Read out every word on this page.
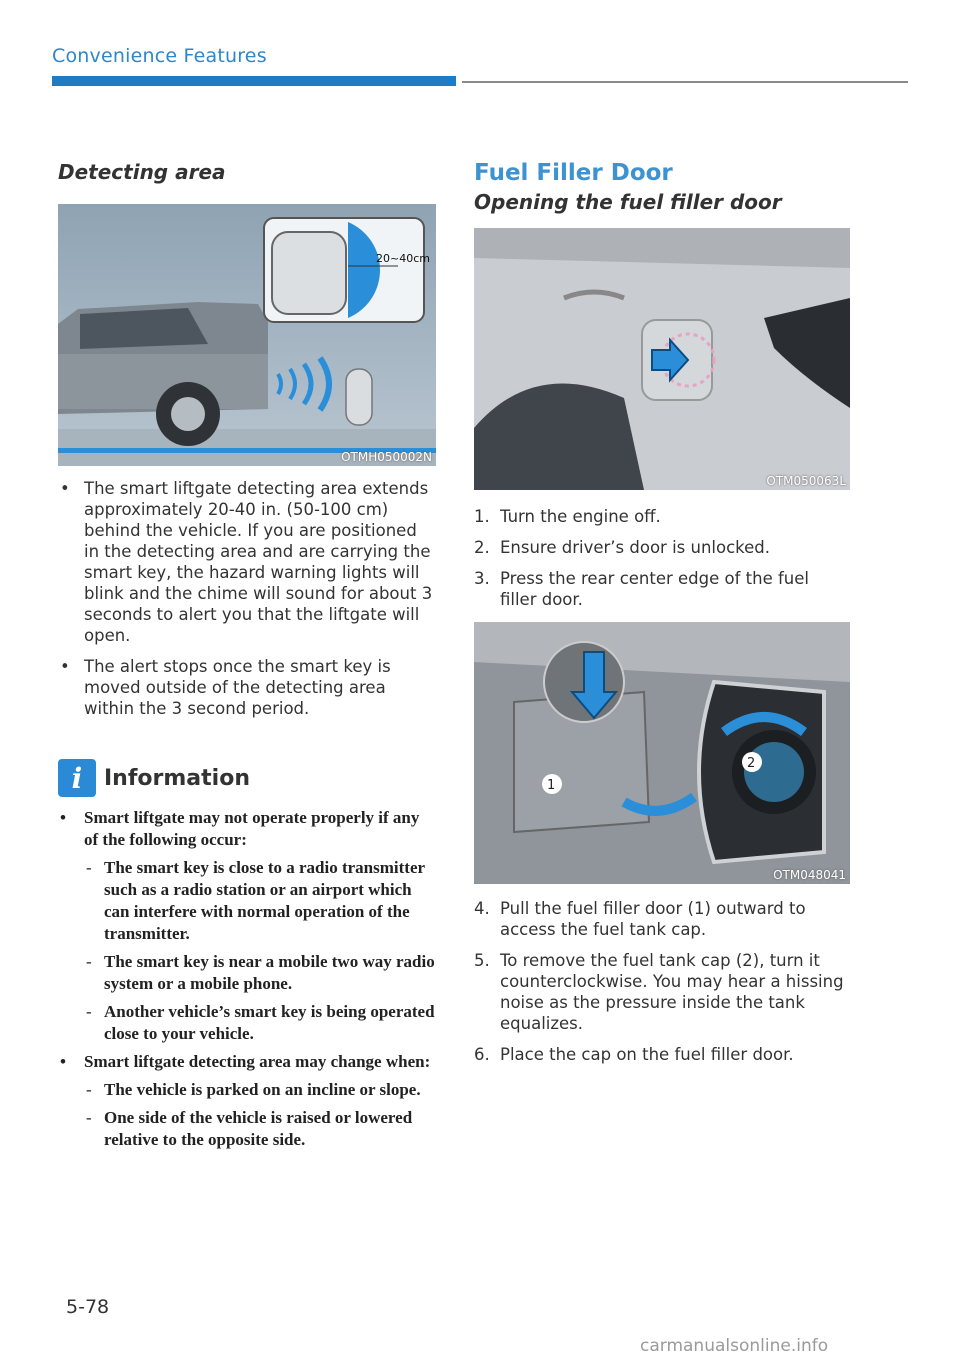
Convenience Features
Detecting area
20~40cm
OTMH050002N
• The smart liftgate detecting area extends approximately 20-40 in. (50-100 cm) behind the vehicle. If you are positioned in the detecting area and are carrying the smart key, the hazard warning lights will blink and the chime will sound for about 3 seconds to alert you that the liftgate will open.
• The alert stops once the smart key is moved outside of the detecting area within the 3 second period.
i Information
• Smart liftgate may not operate properly if any of the following occur:
- The smart key is close to a radio transmitter such as a radio station or an airport which can interfere with normal operation of the transmitter.
- The smart key is near a mobile two way radio system or a mobile phone.
- Another vehicle’s smart key is being operated close to your vehicle.
• Smart liftgate detecting area may change when:
- The vehicle is parked on an incline or slope.
- One side of the vehicle is raised or lowered relative to the opposite side.
Fuel Filler Door
Opening the fuel filler door
OTM050063L
1. Turn the engine off.
2. Ensure driver’s door is unlocked.
3. Press the rear center edge of the fuel filler door.
1
2
OTM048041
4. Pull the fuel filler door (1) outward to access the fuel tank cap.
5. To remove the fuel tank cap (2), turn it counterclockwise. You may hear a hissing noise as the pressure inside the tank equalizes.
6. Place the cap on the fuel filler door.
5-78
carmanualsonline.info
